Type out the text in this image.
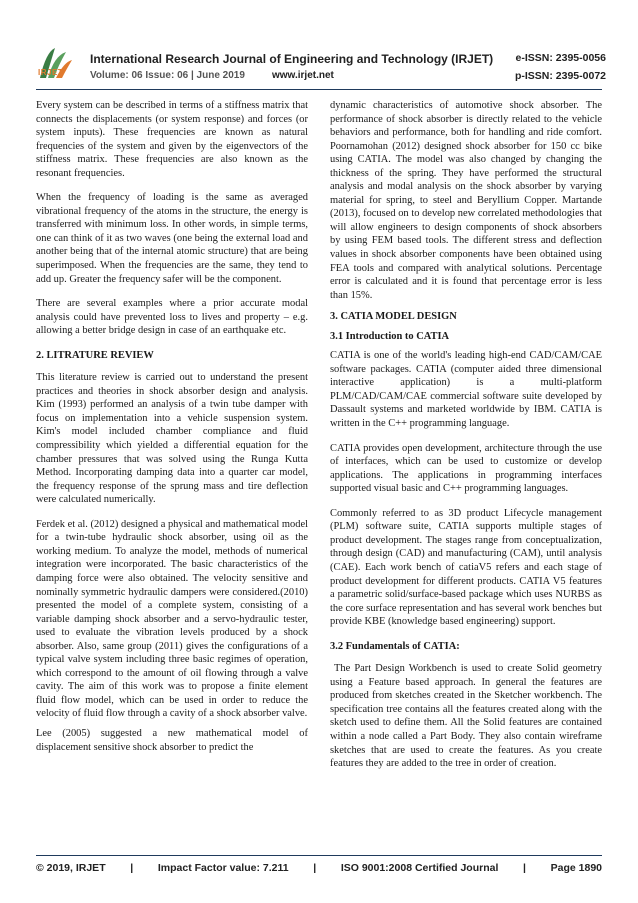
IRJET
International Research Journal of Engineering and Technology (IRJET) e-ISSN: 2395-0056
Volume: 06 Issue: 06 | June 2019	www.irjet.net	p-ISSN: 2395-0072

Every system can be described in terms of a stiffness matrix that connects the displacements (or system response) and forces (or system inputs). These frequencies are known as natural frequencies of the system and given by the eigenvectors of the stiffness matrix. These frequencies are also known as the resonant frequencies.

When the frequency of loading is the same as averaged vibrational frequency of the atoms in the structure, the energy is transferred with minimum loss. In other words, in simple terms, one can think of it as two waves (one being the external load and another being that of the internal atomic structure) that are being superimposed. When the frequencies are the same, they tend to add up. Greater the frequency safer will be the component.

There are several examples where a prior accurate modal analysis could have prevented loss to lives and property – e.g. allowing a better bridge design in case of an earthquake etc.

2. LITRATURE REVIEW

This literature review is carried out to understand the present practices and theories in shock absorber design and analysis. Kim (1993) performed an analysis of a twin tube damper with focus on implementation into a vehicle suspension system. Kim's model included chamber compliance and fluid compressibility which yielded a differential equation for the chamber pressures that was solved using the Runga Kutta Method. Incorporating damping data into a quarter car model, the frequency response of the sprung mass and tire deflection were calculated numerically.

Ferdek et al. (2012) designed a physical and mathematical model for a twin-tube hydraulic shock absorber, using oil as the working medium. To analyze the model, methods of numerical integration were incorporated. The basic characteristics of the damping force were also obtained. The velocity sensitive and nominally symmetric hydraulic dampers were considered.(2010) presented the model of a complete system, consisting of a variable damping shock absorber and a servo-hydraulic tester, used to evaluate the vibration levels produced by a shock absorber. Also, same group (2011) gives the configurations of a typical valve system including three basic regimes of operation, which correspond to the amount of oil flowing through a valve cavity. The aim of this work was to propose a finite element fluid flow model, which can be used in order to reduce the velocity of fluid flow through a cavity of a shock absorber valve.

Lee (2005) suggested a new mathematical model of displacement sensitive shock absorber to predict the

dynamic characteristics of automotive shock absorber. The performance of shock absorber is directly related to the vehicle behaviors and performance, both for handling and ride comfort. Poornamohan (2012) designed shock absorber for 150 cc bike using CATIA. The model was also changed by changing the thickness of the spring. They have performed the structural analysis and modal analysis on the shock absorber by varying material for spring, to steel and Beryllium Copper. Martande (2013), focused on to develop new correlated methodologies that will allow engineers to design components of shock absorbers by using FEM based tools. The different stress and deflection values in shock absorber components have been obtained using FEA tools and compared with analytical solutions. Percentage error is calculated and it is found that percentage error is less than 15%.

3. CATIA MODEL DESIGN
3.1 Introduction to CATIA

CATIA is one of the world's leading high-end CAD/CAM/CAE software packages. CATIA (computer aided three dimensional interactive application) is a multi-platform PLM/CAD/CAM/CAE commercial software suite developed by Dassault systems and marketed worldwide by IBM. CATIA is written in the C++ programming language.

CATIA provides open development, architecture through the use of interfaces, which can be used to customize or develop applications. The applications in programming interfaces supported visual basic and C++ programming languages.

Commonly referred to as 3D product Lifecycle management (PLM) software suite, CATIA supports multiple stages of product development. The stages range from conceptualization, through design (CAD) and manufacturing (CAM), until analysis (CAE). Each work bench of catiaV5 refers and each stage of product development for different products. CATIA V5 features a parametric solid/surface-based package which uses NURBS as the core surface representation and has several work benches but provide KBE (knowledge based engineering) support.

3.2 Fundamentals of CATIA:

The Part Design Workbench is used to create Solid geometry using a Feature based approach. In general the features are produced from sketches created in the Sketcher workbench. The specification tree contains all the features created along with the sketch used to define them. All the Solid features are contained within a node called a Part Body. They also contain wireframe sketches that are used to create the features. As you create features they are added to the tree in order of creation.

© 2019, IRJET | Impact Factor value: 7.211 | ISO 9001:2008 Certified Journal | Page 1890
